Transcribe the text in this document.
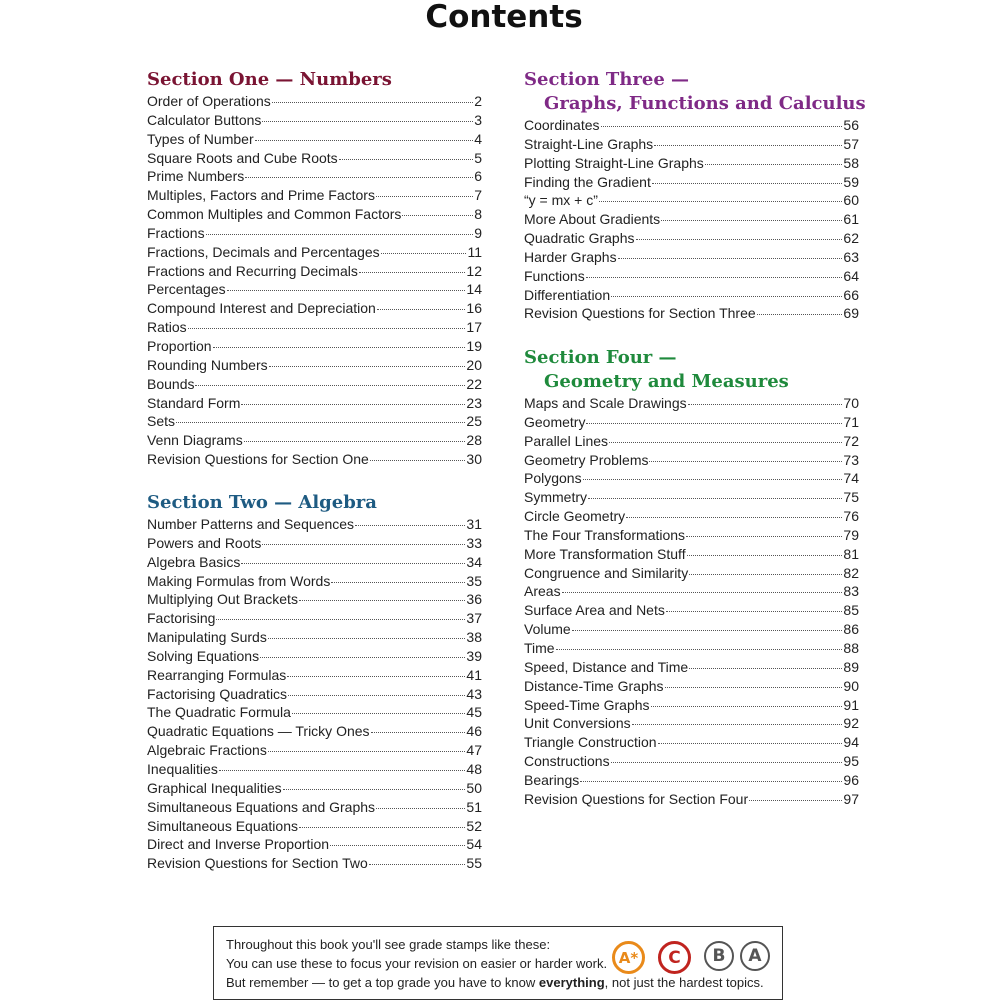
Contents
Section One — Numbers
Order of Operations	2
Calculator Buttons	3
Types of Number	4
Square Roots and Cube Roots	5
Prime Numbers	6
Multiples, Factors and Prime Factors	7
Common Multiples and Common Factors	8
Fractions	9
Fractions, Decimals and Percentages	11
Fractions and Recurring Decimals	12
Percentages	14
Compound Interest and Depreciation	16
Ratios	17
Proportion	19
Rounding Numbers	20
Bounds	22
Standard Form	23
Sets	25
Venn Diagrams	28
Revision Questions for Section One	30
Section Two — Algebra
Number Patterns and Sequences	31
Powers and Roots	33
Algebra Basics	34
Making Formulas from Words	35
Multiplying Out Brackets	36
Factorising	37
Manipulating Surds	38
Solving Equations	39
Rearranging Formulas	41
Factorising Quadratics	43
The Quadratic Formula	45
Quadratic Equations — Tricky Ones	46
Algebraic Fractions	47
Inequalities	48
Graphical Inequalities	50
Simultaneous Equations and Graphs	51
Simultaneous Equations	52
Direct and Inverse Proportion	54
Revision Questions for Section Two	55
Section Three —
Graphs, Functions and Calculus
Coordinates	56
Straight-Line Graphs	57
Plotting Straight-Line Graphs	58
Finding the Gradient	59
“y = mx + c”	60
More About Gradients	61
Quadratic Graphs	62
Harder Graphs	63
Functions	64
Differentiation	66
Revision Questions for Section Three	69
Section Four —
Geometry and Measures
Maps and Scale Drawings	70
Geometry	71
Parallel Lines	72
Geometry Problems	73
Polygons	74
Symmetry	75
Circle Geometry	76
The Four Transformations	79
More Transformation Stuff	81
Congruence and Similarity	82
Areas	83
Surface Area and Nets	85
Volume	86
Time	88
Speed, Distance and Time	89
Distance-Time Graphs	90
Speed-Time Graphs	91
Unit Conversions	92
Triangle Construction	94
Constructions	95
Bearings	96
Revision Questions for Section Four	97
Throughout this book you'll see grade stamps like these:
You can use these to focus your revision on easier or harder work.
But remember — to get a top grade you have to know everything, not just the hardest topics.
A*	C	B	A
